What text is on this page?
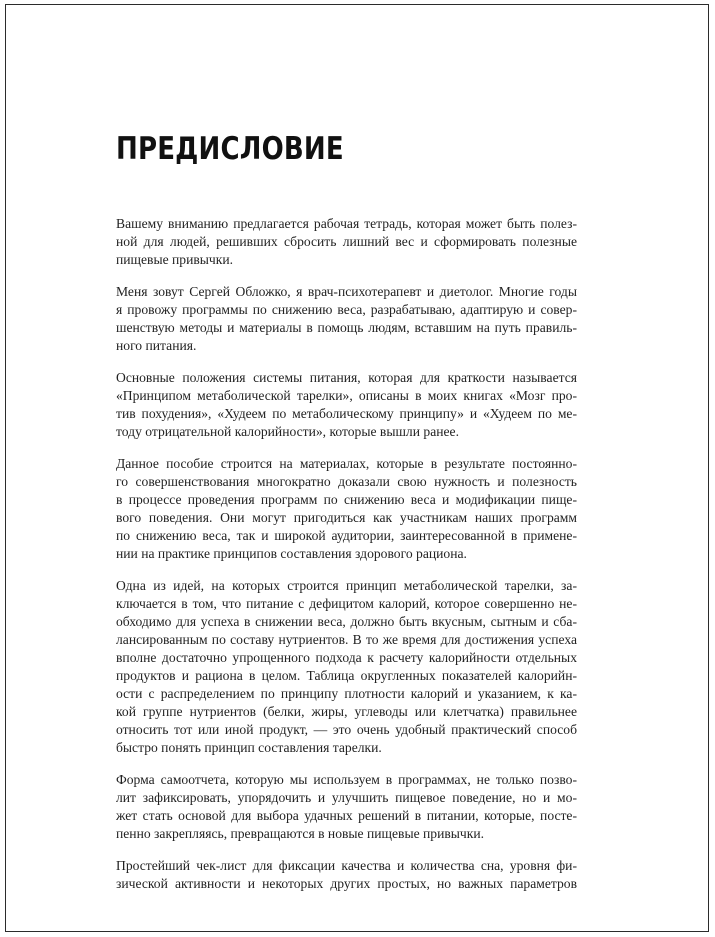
ПРЕДИСЛОВИЕ

Вашему вниманию предлагается рабочая тетрадь, которая может быть полез-
ной для людей, решивших сбросить лишний вес и сформировать полезные
пищевые привычки.

Меня зовут Сергей Обложко, я врач-психотерапевт и диетолог. Многие годы
я провожу программы по снижению веса, разрабатываю, адаптирую и совер-
шенствую методы и материалы в помощь людям, вставшим на путь правиль-
ного питания.

Основные положения системы питания, которая для краткости называется
«Принципом метаболической тарелки», описаны в моих книгах «Мозг про-
тив похудения», «Худеем по метаболическому принципу» и «Худеем по ме-
тоду отрицательной калорийности», которые вышли ранее.

Данное пособие строится на материалах, которые в результате постоянно-
го совершенствования многократно доказали свою нужность и полезность
в процессе проведения программ по снижению веса и модификации пище-
вого поведения. Они могут пригодиться как участникам наших программ
по снижению веса, так и широкой аудитории, заинтересованной в примене-
нии на практике принципов составления здорового рациона.

Одна из идей, на которых строится принцип метаболической тарелки, за-
ключается в том, что питание с дефицитом калорий, которое совершенно не-
обходимо для успеха в снижении веса, должно быть вкусным, сытным и сба-
лансированным по составу нутриентов. В то же время для достижения успеха
вполне достаточно упрощенного подхода к расчету калорийности отдельных
продуктов и рациона в целом. Таблица округленных показателей калорийн-
ости с распределением по принципу плотности калорий и указанием, к ка-
кой группе нутриентов (белки, жиры, углеводы или клетчатка) правильнее
относить тот или иной продукт, — это очень удобный практический способ
быстро понять принцип составления тарелки.

Форма самоотчета, которую мы используем в программах, не только позво-
лит зафиксировать, упорядочить и улучшить пищевое поведение, но и мо-
жет стать основой для выбора удачных решений в питании, которые, посте-
пенно закрепляясь, превращаются в новые пищевые привычки.

Простейший чек-лист для фиксации качества и количества сна, уровня фи-
зической активности и некоторых других простых, но важных параметров
